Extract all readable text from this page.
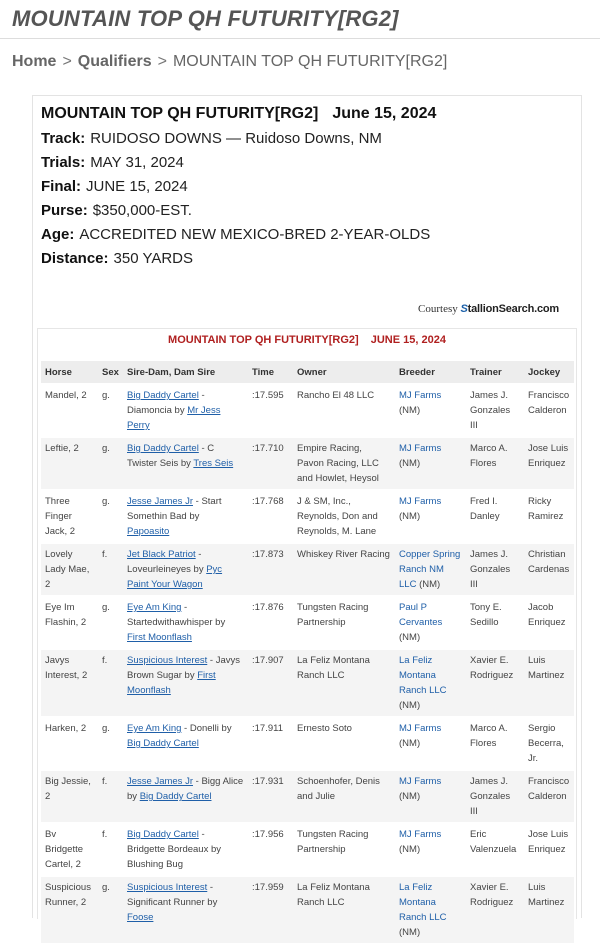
MOUNTAIN TOP QH FUTURITY[RG2]
Home > Qualifiers > MOUNTAIN TOP QH FUTURITY[RG2]
MOUNTAIN TOP QH FUTURITY[RG2] June 15, 2024
Track: RUIDOSO DOWNS — Ruidoso Downs, NM
Trials: MAY 31, 2024
Final: JUNE 15, 2024
Purse: $350,000-EST.
Age: ACCREDITED NEW MEXICO-BRED 2-YEAR-OLDS
Distance: 350 YARDS
Courtesy StallionSearch.com
MOUNTAIN TOP QH FUTURITY[RG2] JUNE 15, 2024
Horse	Sex	Sire-Dam, Dam Sire	Time	Owner	Breeder	Trainer	Jockey
Mandel, 2	g.	Big Daddy Cartel - Diamoncia by Mr Jess Perry	:17.595	Rancho El 48 LLC	MJ Farms (NM)	James J. Gonzales III	Francisco Calderon
Leftie, 2	g.	Big Daddy Cartel - C Twister Seis by Tres Seis	:17.710	Empire Racing, Pavon Racing, LLC and Howlet, Heysol	MJ Farms (NM)	Marco A. Flores	Jose Luis Enriquez
Three Finger Jack, 2	g.	Jesse James Jr - Start Somethin Bad by Papoasito	:17.768	J & SM, Inc., Reynolds, Don and Reynolds, M. Lane	MJ Farms (NM)	Fred I. Danley	Ricky Ramirez
Lovely Lady Mae, 2	f.	Jet Black Patriot - Loveurleineyes by Pyc Paint Your Wagon	:17.873	Whiskey River Racing	Copper Spring Ranch NM LLC (NM)	James J. Gonzales III	Christian Cardenas
Eye Im Flashin, 2	g.	Eye Am King - Startedwithawhisper by First Moonflash	:17.876	Tungsten Racing Partnership	Paul P Cervantes (NM)	Tony E. Sedillo	Jacob Enriquez
Javys Interest, 2	f.	Suspicious Interest - Javys Brown Sugar by First Moonflash	:17.907	La Feliz Montana Ranch LLC	La Feliz Montana Ranch LLC (NM)	Xavier E. Rodriguez	Luis Martinez
Harken, 2	g.	Eye Am King - Donelli by Big Daddy Cartel	:17.911	Ernesto Soto	MJ Farms (NM)	Marco A. Flores	Sergio Becerra, Jr.
Big Jessie, 2	f.	Jesse James Jr - Bigg Alice by Big Daddy Cartel	:17.931	Schoenhofer, Denis and Julie	MJ Farms (NM)	James J. Gonzales III	Francisco Calderon
Bv Bridgette Cartel, 2	f.	Big Daddy Cartel - Bridgette Bordeaux by Blushing Bug	:17.956	Tungsten Racing Partnership	MJ Farms (NM)	Eric Valenzuela	Jose Luis Enriquez
Suspicious Runner, 2	g.	Suspicious Interest - Significant Runner by Foose	:17.959	La Feliz Montana Ranch LLC	La Feliz Montana Ranch LLC (NM)	Xavier E. Rodriguez	Luis Martinez
